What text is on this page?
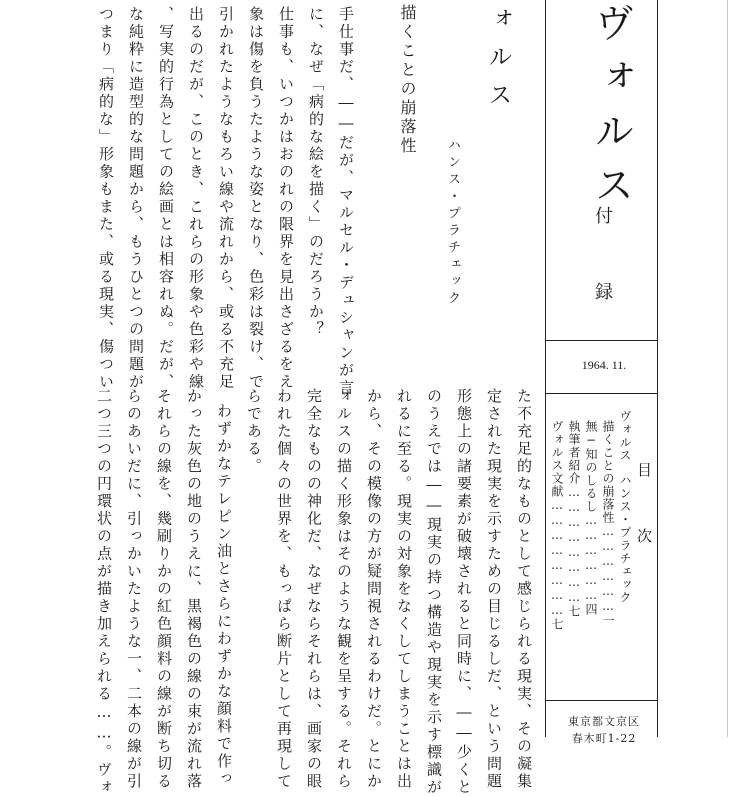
ヴォルス
付　録
1964. 11.
目　次
ヴォルス
ハンス・プラチェック
描くことの崩落性………………一
無−知のしるし………………四
執筆者紹介……………………七
ヴォルス文献……………………七
東京都文京区
春木町1-22
ォルス
描くことの崩落性
ハンス・プラチェック
手仕事だ、――だが、マルセル・デュシャンが言
に、なぜ「病的な絵を描く」のだろうか？
仕事も、いつかはおのれの限界を見出さざるをえ
象は傷を負うたような姿となり、色彩は裂け、で
引かれたようなもろい線や流れから、或る不充足
出るのだが、このとき、これらの形象や色彩や線
、写実的行為としての絵画とは相容れぬ。だが、
な純粋に造型的な問題から、もうひとつの問題が
つまり「病的な」形象もまた、或る現実、傷つい
た不充足的なものとして感じられる現実、その凝集
定された現実を示すための目じるしだ、という問題
形態上の諸要素が破壊されると同時に、――少くと
のうえでは――現実の持つ構造や現実を示す標識が
れるに至る。現実の対象をなくしてしまうことは出
から、その模像の方が疑問視されるわけだ。とにか
ォルスの描く形象はそのような観を呈する。それら
完全なものの神化だ、なぜならそれらは、画家の眼
われた個々の世界を、もっぱら断片として再現して
らである。
わずかなテレピン油とさらにわずかな顔料で作っ
かった灰色の地のうえに、黒褐色の線の束が流れ落
それらの線を、幾刷りかの紅色顔料の線が断ち切る
らのあいだに、引っかいたような一、二本の線が引
二つ三つの円環状の点が描き加えられる……。ヴォ
